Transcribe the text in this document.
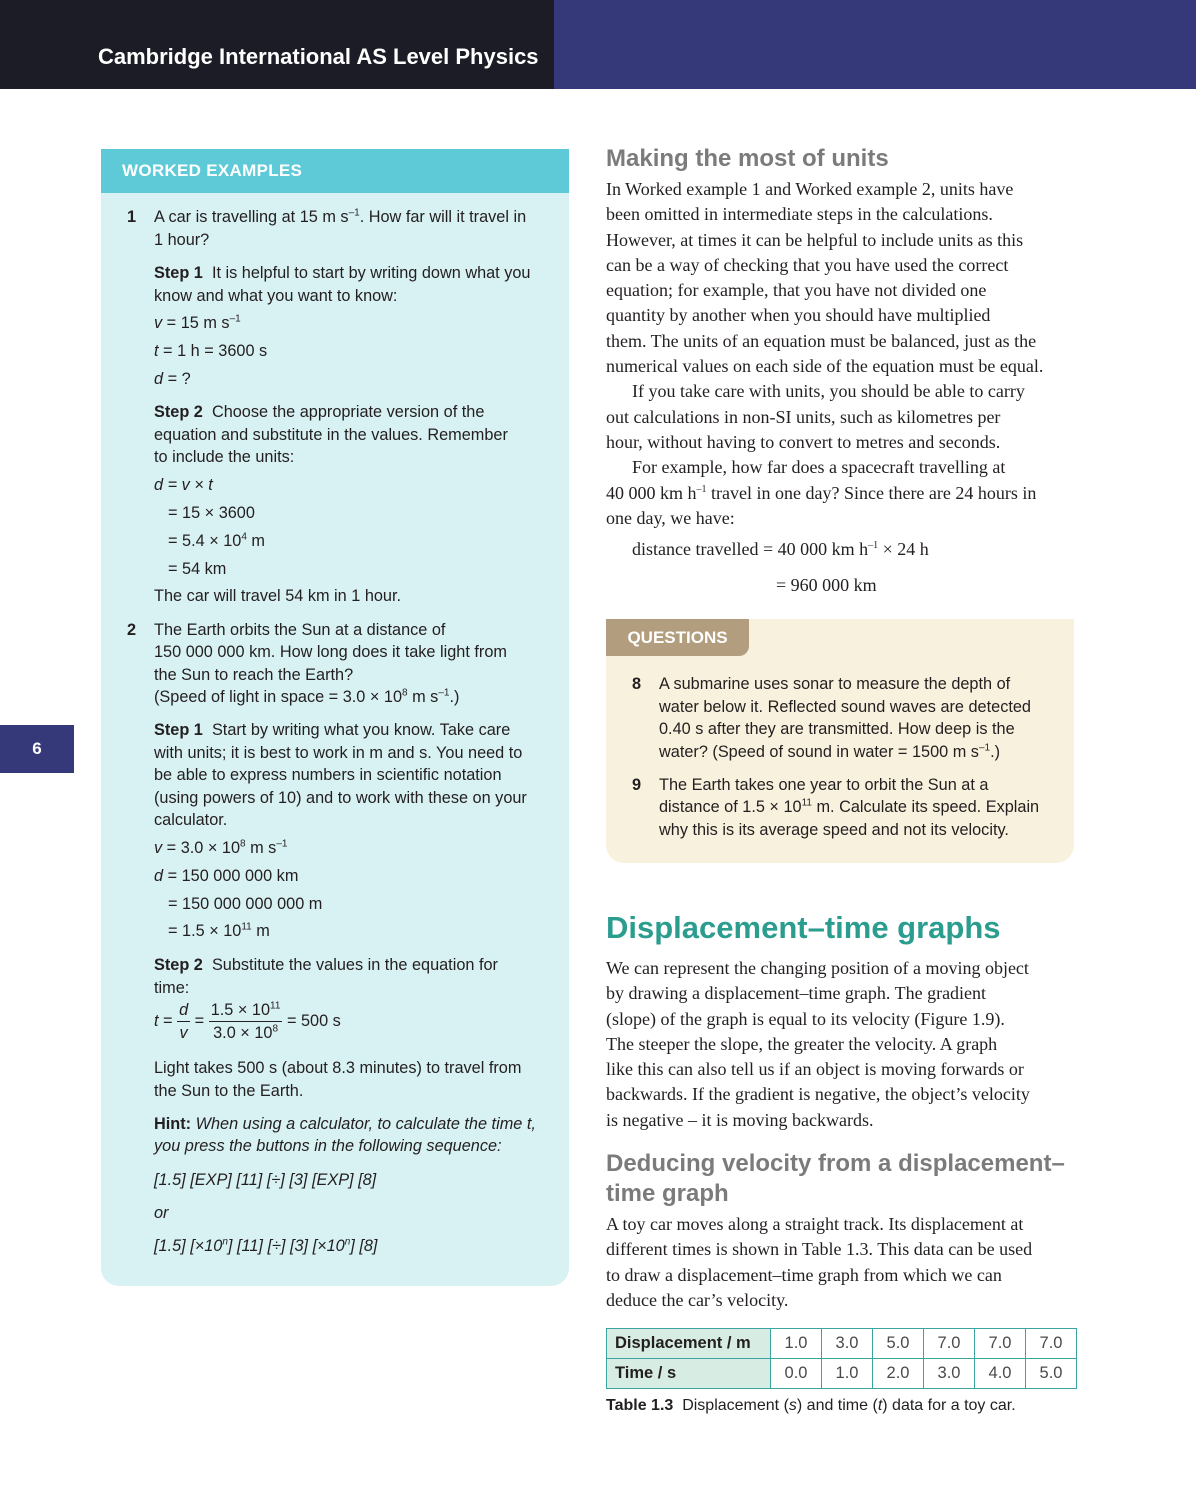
Cambridge International AS Level Physics
6
WORKED EXAMPLES
1 A car is travelling at 15 m $s^{-1}$. How far will it travel in
1 hour?
Step 1 It is helpful to start by writing down what you
know and what you want to know:
v = 15 m $s^{-1}$
t = 1 h = 3600 s
d = ?
Step 2 Choose the appropriate version of the
equation and substitute in the values. Remember
to include the units:
d = v × t
= 15 × 3600
= $5.4 \times 10^4$ m
= 54 km
The car will travel 54 km in 1 hour.
2 The Earth orbits the Sun at a distance of
150 000 000 km. How long does it take light from
the Sun to reach the Earth?
(Speed of light in space = $3.0 \times 10^8$ m $s^{-1}$.)
Step 1 Start by writing what you know. Take care
with units; it is best to work in m and s. You need to
be able to express numbers in scientific notation
(using powers of 10) and to work with these on your
calculator.
$v = 3.0 \times 10^8$ m $s^{-1}$
d = 150 000 000 km
= 150 000 000 000 m
= $1.5 \times 10^{11}$ m
Step 2 Substitute the values in the equation for
time:
$t = \frac{d}{v} = \frac{1.5 \times 10^{11}}{3.0 \times 10^8} = 500$ s
Light takes 500 s (about 8.3 minutes) to travel from
the Sun to the Earth.
Hint: When using a calculator, to calculate the time t,
you press the buttons in the following sequence:
[1.5] [EXP] [11] [÷] [3] [EXP] [8]
or
[1.5] $[\times 10^n]$ [11] [÷] [3] $[\times 10^n]$ [8]
Making the most of units
In Worked example 1 and Worked example 2, units have
been omitted in intermediate steps in the calculations.
However, at times it can be helpful to include units as this
can be a way of checking that you have used the correct
equation; for example, that you have not divided one
quantity by another when you should have multiplied
them. The units of an equation must be balanced, just as the
numerical values on each side of the equation must be equal.
If you take care with units, you should be able to carry
out calculations in non-SI units, such as kilometres per
hour, without having to convert to metres and seconds.
For example, how far does a spacecraft travelling at
40 000 km $h^{-1}$ travel in one day? Since there are 24 hours in
one day, we have:
distance travelled = 40 000 km $h^{-1} \times 24$ h
= 960 000 km
QUESTIONS
8 A submarine uses sonar to measure the depth of
water below it. Reflected sound waves are detected
0.40 s after they are transmitted. How deep is the
water? (Speed of sound in water = 1500 m $s^{-1}$.)
9 The Earth takes one year to orbit the Sun at a
distance of $1.5 \times 10^{11}$ m. Calculate its speed. Explain
why this is its average speed and not its velocity.
Displacement–time graphs
We can represent the changing position of a moving object
by drawing a displacement–time graph. The gradient
(slope) of the graph is equal to its velocity (Figure 1.9).
The steeper the slope, the greater the velocity. A graph
like this can also tell us if an object is moving forwards or
backwards. If the gradient is negative, the object’s velocity
is negative – it is moving backwards.
Deducing velocity from a displacement–
time graph
A toy car moves along a straight track. Its displacement at
different times is shown in Table 1.3. This data can be used
to draw a displacement–time graph from which we can
deduce the car’s velocity.
Displacement / m	1.0	3.0	5.0	7.0	7.0	7.0
Time / s	0.0	1.0	2.0	3.0	4.0	5.0
Table 1.3 Displacement (s) and time (t) data for a toy car.
